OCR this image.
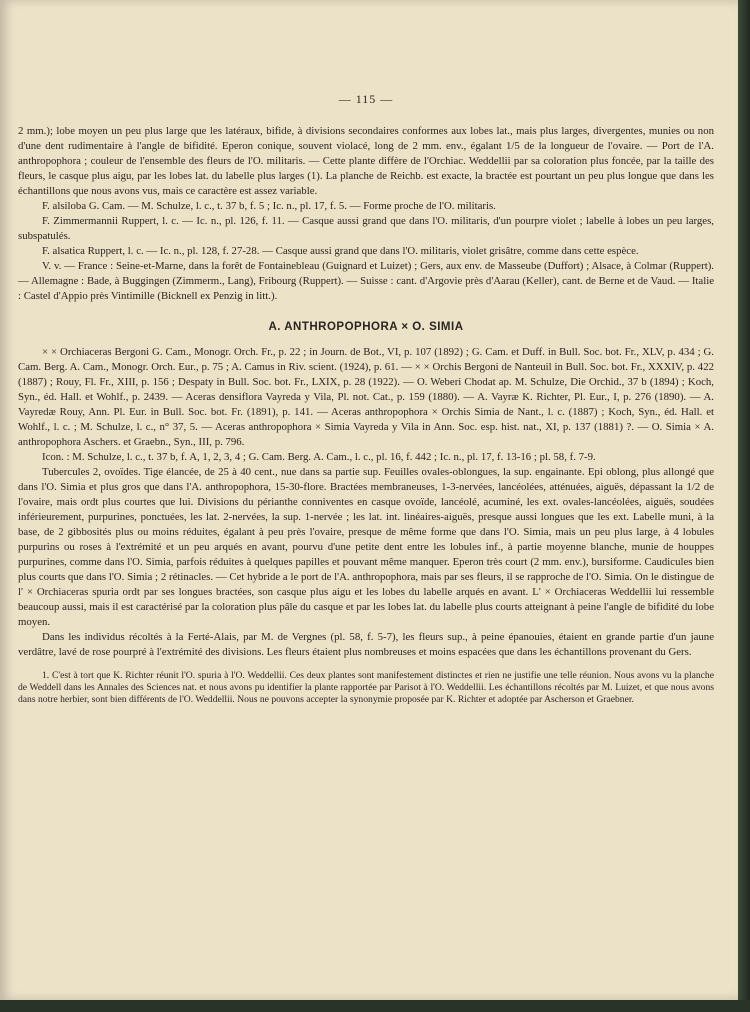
— 115 —

2 mm.); lobe moyen un peu plus large que les latéraux, bifide, à divisions secondaires conformes aux lobes lat., mais plus larges, divergentes, munies ou non d'une dent rudimentaire à l'angle de bifidité. Eperon conique, souvent violacé, long de 2 mm. env., égalant 1/5 de la longueur de l'ovaire. — Port de l'A. anthropophora ; couleur de l'ensemble des fleurs de l'O. militaris. — Cette plante diffère de l'Orchiac. Weddellii par sa coloration plus foncée, par la taille des fleurs, le casque plus aigu, par les lobes lat. du labelle plus larges (1). La planche de Reichb. est exacte, la bractée est pourtant un peu plus longue que dans les échantillons que nous avons vus, mais ce caractère est assez variable.

F. alsiloba G. Cam. — M. Schulze, l. c., t. 37 b, f. 5 ; Ic. n., pl. 17, f. 5. — Forme proche de l'O. militaris.

F. Zimmermannii Ruppert, l. c. — Ic. n., pl. 126, f. 11. — Casque aussi grand que dans l'O. militaris, d'un pourpre violet ; labelle à lobes un peu larges, subspatulés.

F. alsatica Ruppert, l. c. — Ic. n., pl. 128, f. 27-28. — Casque aussi grand que dans l'O. militaris, violet grisâtre, comme dans cette espèce.

V. v. — France : Seine-et-Marne, dans la forêt de Fontainebleau (Guignard et Luizet) ; Gers, aux env. de Masseube (Duffort) ; Alsace, à Colmar (Ruppert). — Allemagne : Bade, à Buggingen (Zimmerm., Lang), Fribourg (Ruppert). — Suisse : cant. d'Argovie près d'Aarau (Keller), cant. de Berne et de Vaud. — Italie : Castel d'Appio près Vintimille (Bicknell ex Penzig in litt.).

A. ANTHROPOPHORA × O. SIMIA

× × Orchiaceras Bergoni G. Cam., Monogr. Orch. Fr., p. 22 ; in Journ. de Bot., VI, p. 107 (1892) ; G. Cam. et Duff. in Bull. Soc. bot. Fr., XLV, p. 434 ; G. Cam. Berg. A. Cam., Monogr. Orch. Eur., p. 75 ; A. Camus in Riv. scient. (1924), p. 61. — × × Orchis Bergoni de Nanteuil in Bull. Soc. bot. Fr., XXXIV, p. 422 (1887) ; Rouy, Fl. Fr., XIII, p. 156 ; Despaty in Bull. Soc. bot. Fr., LXIX, p. 28 (1922). — O. Weberi Chodat ap. M. Schulze, Die Orchid., 37 b (1894) ; Koch, Syn., éd. Hall. et Wohlf., p. 2439. — Aceras densiflora Vayreda y Vila, Pl. not. Cat., p. 159 (1880). — A. Vayræ K. Richter, Pl. Eur., I, p. 276 (1890). — A. Vayredæ Rouy, Ann. Pl. Eur. in Bull. Soc. bot. Fr. (1891), p. 141. — Aceras anthropophora × Orchis Simia de Nant., l. c. (1887) ; Koch, Syn., éd. Hall. et Wohlf., l. c. ; M. Schulze, l. c., n° 37, 5. — Aceras anthropophora × Simia Vayreda y Vila in Ann. Soc. esp. hist. nat., XI, p. 137 (1881) ?. — O. Simia × A. anthropophora Aschers. et Graebn., Syn., III, p. 796.

Icon. : M. Schulze, l. c., t. 37 b, f. A, 1, 2, 3, 4 ; G. Cam. Berg. A. Cam., l. c., pl. 16, f. 442 ; Ic. n., pl. 17, f. 13-16 ; pl. 58, f. 7-9.

Tubercules 2, ovoïdes. Tige élancée, de 25 à 40 cent., nue dans sa partie sup. Feuilles ovales-oblongues, la sup. engainante. Epi oblong, plus allongé que dans l'O. Simia et plus gros que dans l'A. anthropophora, 15-30-flore. Bractées membraneuses, 1-3-nervées, lancéolées, atténuées, aiguës, dépassant la 1/2 de l'ovaire, mais ordt plus courtes que lui. Divisions du périanthe conniventes en casque ovoïde, lancéolé, acuminé, les ext. ovales-lancéolées, aiguës, soudées inférieurement, purpurines, ponctuées, les lat. 2-nervées, la sup. 1-nervée ; les lat. int. linéaires-aiguës, presque aussi longues que les ext. Labelle muni, à la base, de 2 gibbosités plus ou moins réduites, égalant à peu près l'ovaire, presque de même forme que dans l'O. Simia, mais un peu plus large, à 4 lobules purpurins ou roses à l'extrémité et un peu arqués en avant, pourvu d'une petite dent entre les lobules inf., à partie moyenne blanche, munie de houppes purpurines, comme dans l'O. Simia, parfois réduites à quelques papilles et pouvant même manquer. Eperon très court (2 mm. env.), bursiforme. Caudicules bien plus courts que dans l'O. Simia ; 2 rétinacles. — Cet hybride a le port de l'A. anthropophora, mais par ses fleurs, il se rapproche de l'O. Simia. On le distingue de l' × Orchiaceras spuria ordt par ses longues bractées, son casque plus aigu et les lobes du labelle arqués en avant. L' × Orchiaceras Weddellii lui ressemble beaucoup aussi, mais il est caractérisé par la coloration plus pâle du casque et par les lobes lat. du labelle plus courts atteignant à peine l'angle de bifidité du lobe moyen.

Dans les individus récoltés à la Ferté-Alais, par M. de Vergnes (pl. 58, f. 5-7), les fleurs sup., à peine épanouies, étaient en grande partie d'un jaune verdâtre, lavé de rose pourpré à l'extrémité des divisions. Les fleurs étaient plus nombreuses et moins espacées que dans les échantillons provenant du Gers.

1. C'est à tort que K. Richter réunit l'O. spuria à l'O. Weddellii. Ces deux plantes sont manifestement distinctes et rien ne justifie une telle réunion. Nous avons vu la planche de Weddell dans les Annales des Sciences nat. et nous avons pu identifier la plante rapportée par Parisot à l'O. Weddellii. Les échantillons récoltés par M. Luizet, et que nous avons dans notre herbier, sont bien différents de l'O. Weddellii. Nous ne pouvons accepter la synonymie proposée par K. Richter et adoptée par Ascherson et Graebner.
